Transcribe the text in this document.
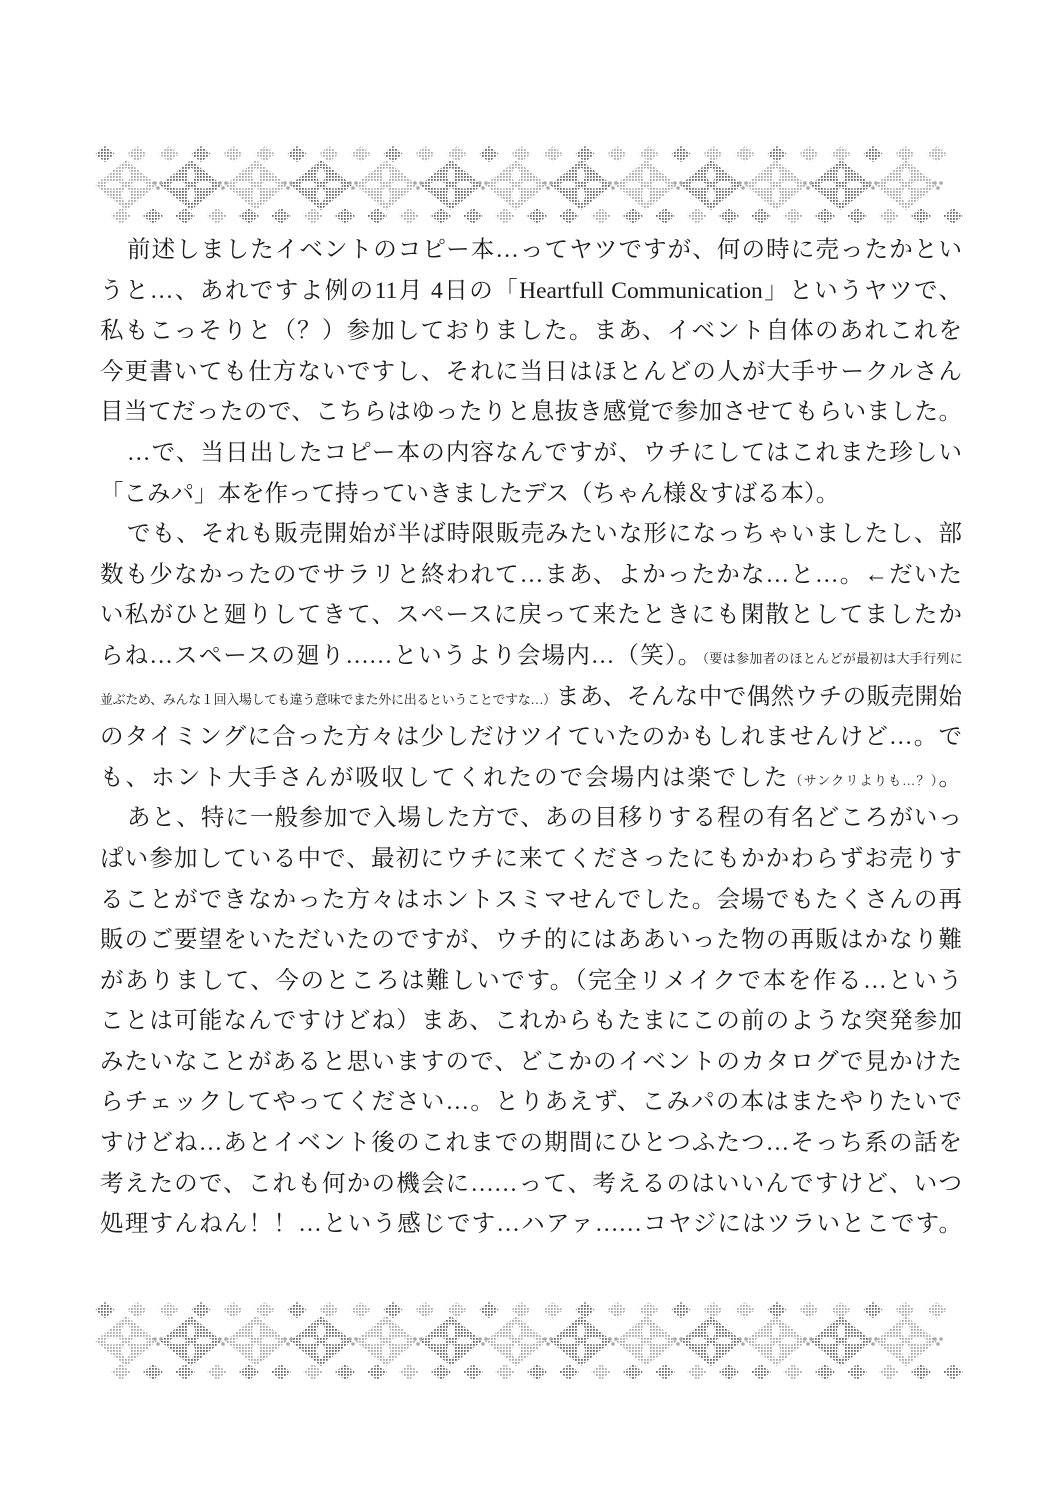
前述しましたイベントのコピー本…ってヤツですが、何の時に売ったかとい
うと…、あれですよ例の11月 4日の「Heartfull Communication」というヤツで、
私もこっそりと（？）参加しておりました。まあ、イベント自体のあれこれを
今更書いても仕方ないですし、それに当日はほとんどの人が大手サークルさん
目当てだったので、こちらはゆったりと息抜き感覚で参加させてもらいました。
…で、当日出したコピー本の内容なんですが、ウチにしてはこれまた珍しい
「こみパ」本を作って持っていきましたデス（ちゃん様＆すばる本）。
でも、それも販売開始が半ば時限販売みたいな形になっちゃいましたし、部
数も少なかったのでサラリと終われて…まあ、よかったかな…と…。←だいた
い私がひと廻りしてきて、スペースに戻って来たときにも閑散としてましたか
らね…スペースの廻り……というより会場内…（笑）。（要は参加者のほとんどが最初は大手行列に
並ぶため、みんな１回入場しても違う意味でまた外に出るということですな…）まあ、そんな中で偶然ウチの販売開始
のタイミングに合った方々は少しだけツイていたのかもしれませんけど…。で
も、ホント大手さんが吸収してくれたので会場内は楽でした（サンクリよりも…？）。
あと、特に一般参加で入場した方で、あの目移りする程の有名どころがいっ
ぱい参加している中で、最初にウチに来てくださったにもかかわらずお売りす
ることができなかった方々はホントスミマせんでした。会場でもたくさんの再
販のご要望をいただいたのですが、ウチ的にはああいった物の再販はかなり難
がありまして、今のところは難しいです。（完全リメイクで本を作る…という
ことは可能なんですけどね）まあ、これからもたまにこの前のような突発参加
みたいなことがあると思いますので、どこかのイベントのカタログで見かけた
らチェックしてやってください…。とりあえず、こみパの本はまたやりたいで
すけどね…あとイベント後のこれまでの期間にひとつふたつ…そっち系の話を
考えたので、これも何かの機会に……って、考えるのはいいんですけど、いつ
処理すんねん！！…という感じです…ハアァ……コヤジにはツラいとこです。
